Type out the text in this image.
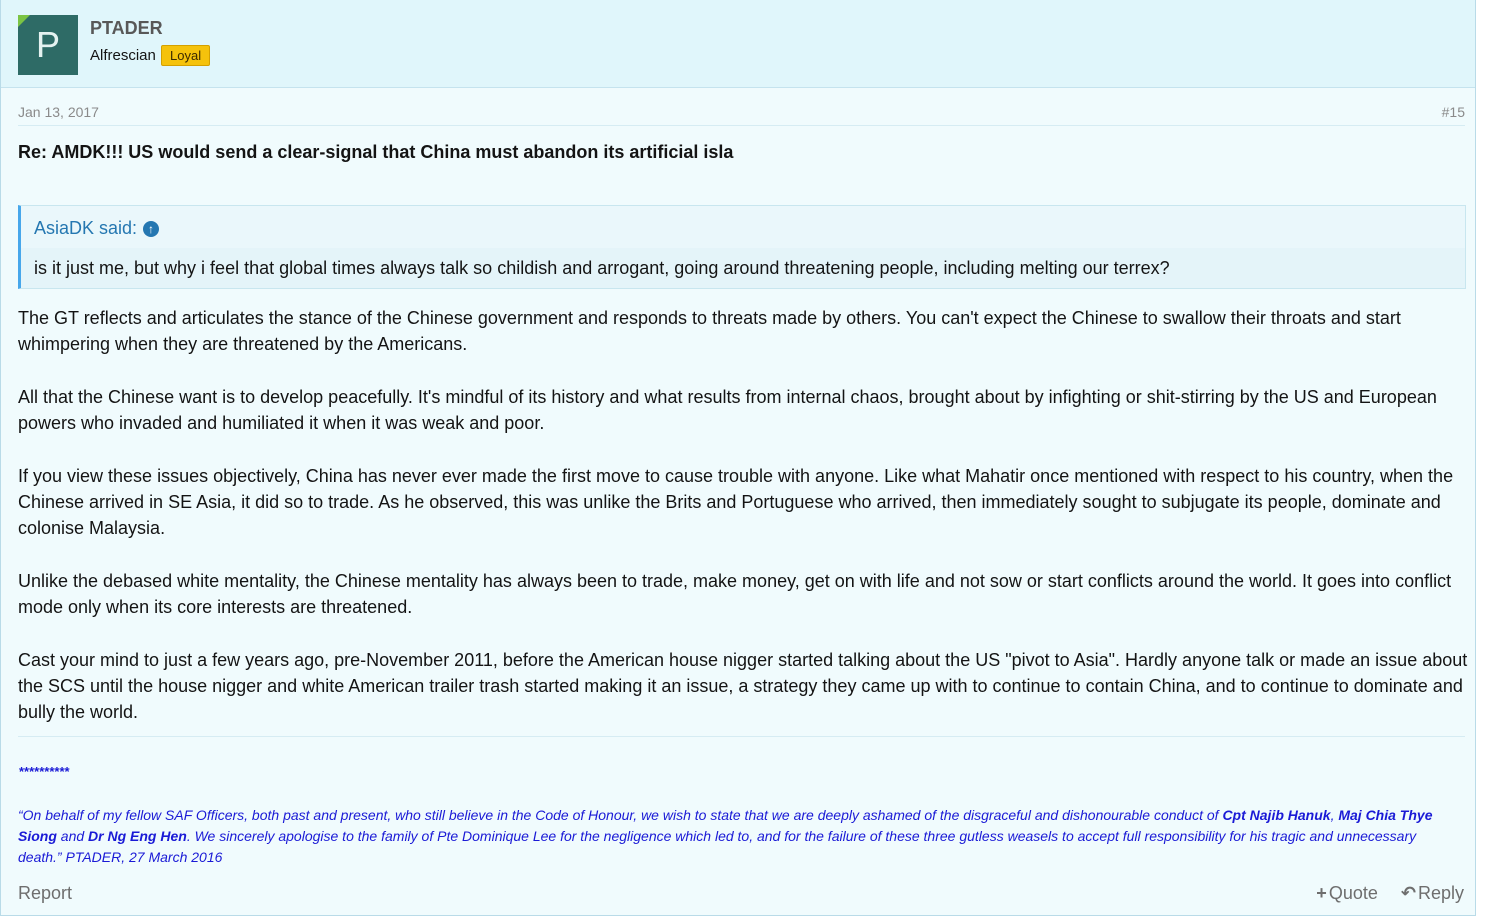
P	PTADER
Alfrescian	Loyal
Jan 13, 2017	#15
Re: AMDK!!! US would send a clear-signal that China must abandon its artificial isla
AsiaDK said: ↑
is it just me, but why i feel that global times always talk so childish and arrogant, going around threatening people, including melting our terrex?

The GT reflects and articulates the stance of the Chinese government and responds to threats made by others. You can't expect the Chinese to swallow their throats and start whimpering when they are threatened by the Americans.

All that the Chinese want is to develop peacefully. It's mindful of its history and what results from internal chaos, brought about by infighting or shit-stirring by the US and European powers who invaded and humiliated it when it was weak and poor.

If you view these issues objectively, China has never ever made the first move to cause trouble with anyone. Like what Mahatir once mentioned with respect to his country, when the Chinese arrived in SE Asia, it did so to trade. As he observed, this was unlike the Brits and Portuguese who arrived, then immediately sought to subjugate its people, dominate and colonise Malaysia.

Unlike the debased white mentality, the Chinese mentality has always been to trade, make money, get on with life and not sow or start conflicts around the world. It goes into conflict mode only when its core interests are threatened.

Cast your mind to just a few years ago, pre-November 2011, before the American house nigger started talking about the US "pivot to Asia". Hardly anyone talk or made an issue about the SCS until the house nigger and white American trailer trash started making it an issue, a strategy they came up with to continue to contain China, and to continue to dominate and bully the world.

**********
“On behalf of my fellow SAF Officers, both past and present, who still believe in the Code of Honour, we wish to state that we are deeply ashamed of the disgraceful and dishonourable conduct of Cpt Najib Hanuk, Maj Chia Thye Siong and Dr Ng Eng Hen. We sincerely apologise to the family of Pte Dominique Lee for the negligence which led to, and for the failure of these three gutless weasels to accept full responsibility for his tragic and unnecessary death.” PTADER, 27 March 2016
Report	+ Quote ↶ Reply
